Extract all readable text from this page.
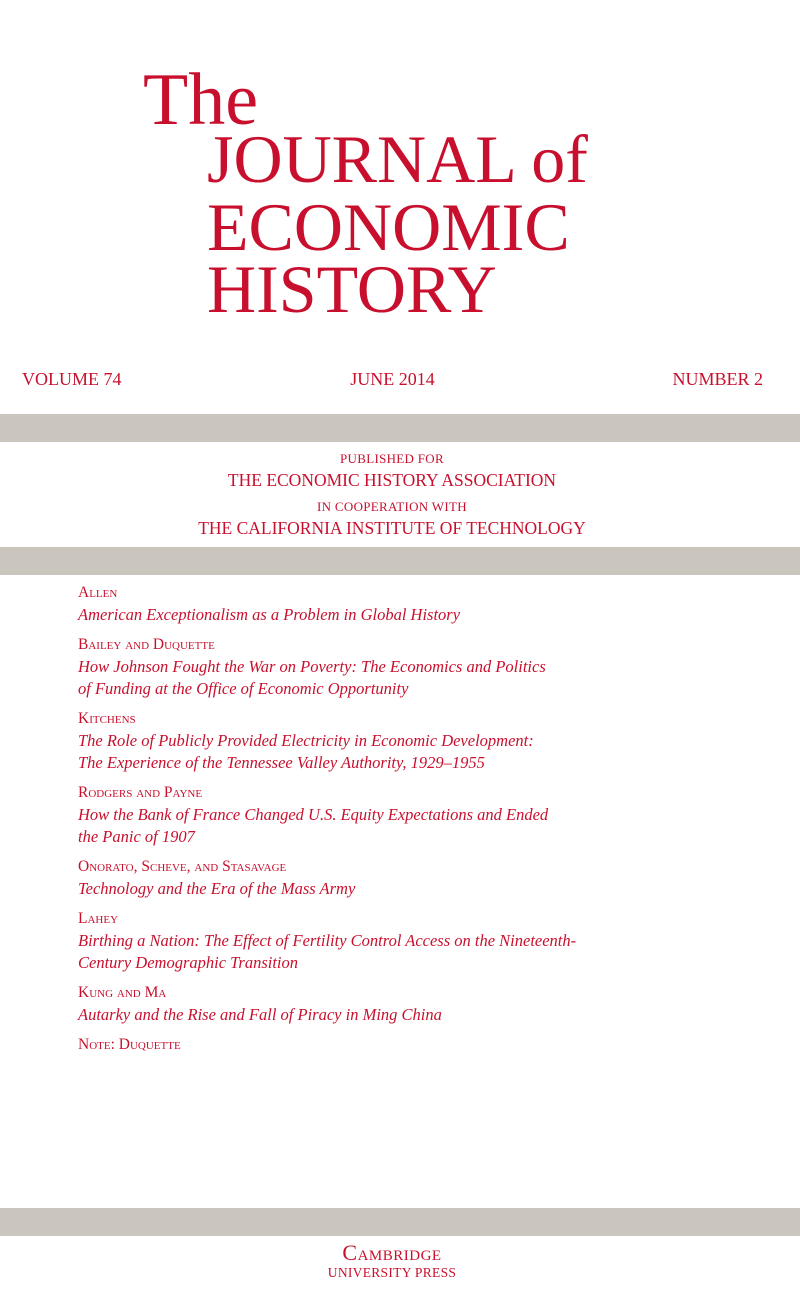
The
JOURNAL of
ECONOMIC
HISTORY
VOLUME 74	JUNE 2014	NUMBER 2
PUBLISHED FOR
THE ECONOMIC HISTORY ASSOCIATION
IN COOPERATION WITH
THE CALIFORNIA INSTITUTE OF TECHNOLOGY
Allen
American Exceptionalism as a Problem in Global History
Bailey and Duquette
How Johnson Fought the War on Poverty: The Economics and Politics
of Funding at the Office of Economic Opportunity
Kitchens
The Role of Publicly Provided Electricity in Economic Development:
The Experience of the Tennessee Valley Authority, 1929–1955
Rodgers and Payne
How the Bank of France Changed U.S. Equity Expectations and Ended
the Panic of 1907
Onorato, Scheve, and Stasavage
Technology and the Era of the Mass Army
Lahey
Birthing a Nation: The Effect of Fertility Control Access on the Nineteenth-
Century Demographic Transition
Kung and Ma
Autarky and the Rise and Fall of Piracy in Ming China
Note: Duquette
Cambridge
UNIVERSITY PRESS
